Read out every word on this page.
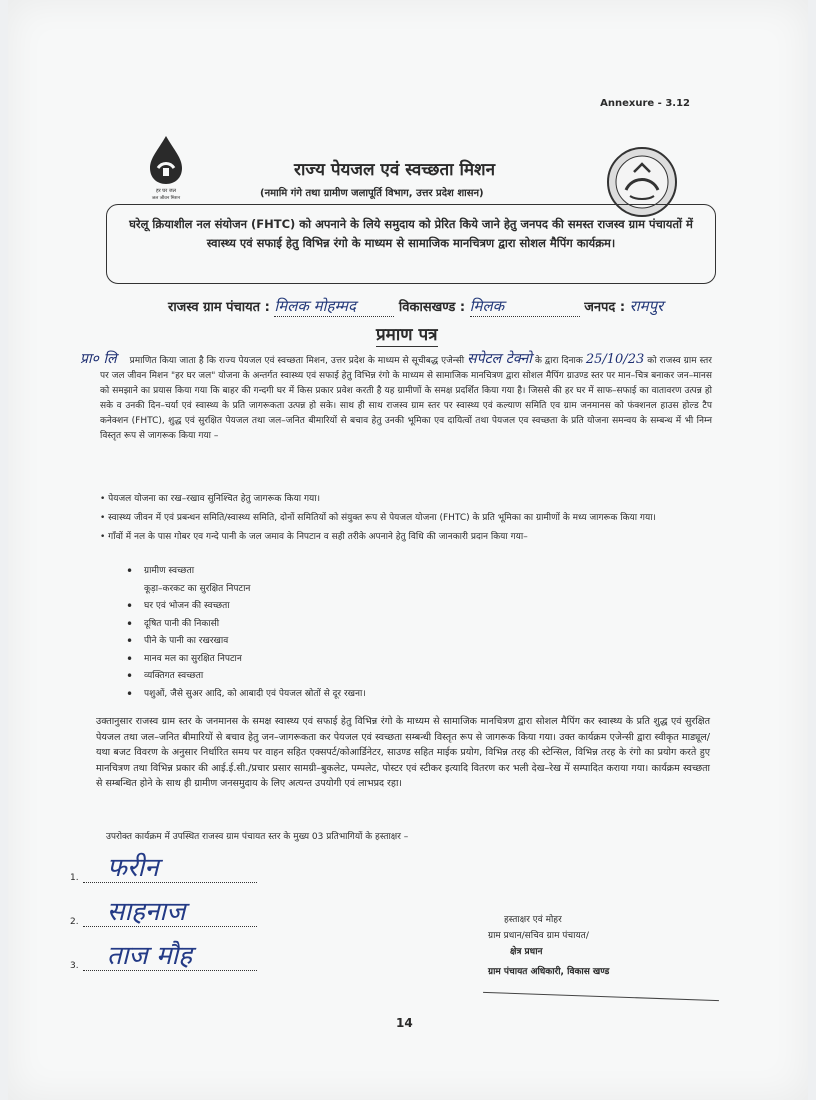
Annexure - 3.12
हर घर जल
जल जीवन मिशन
राज्य पेयजल एवं स्वच्छता मिशन
(नमामि गंगे तथा ग्रामीण जलापूर्ति विभाग, उत्तर प्रदेश शासन)
घरेलू क्रियाशील नल संयोजन (FHTC) को अपनाने के लिये समुदाय को प्रेरित किये जाने हेतु जनपद की समस्त राजस्व ग्राम पंचायतों में स्वास्थ्य एवं सफाई हेतु विभिन्न रंगो के माध्यम से सामाजिक मानचित्रण द्वारा सोशल मैपिंग कार्यक्रम।
राजस्व ग्राम पंचायत : मिलक मोहम्मद	विकासखण्ड : मिलक	जनपद : रामपुर
प्रमाण पत्र
प्रा० लि प्रमाणित किया जाता है कि राज्य पेयजल एवं स्वच्छता मिशन, उत्तर प्रदेश के माध्यम से सूचीबद्ध एजेन्सी सपेटल टेक्नो के द्वारा दिनाक 25/10/23 को राजस्व ग्राम स्तर पर जल जीवन मिशन "हर घर जल" योजना के अन्तर्गत स्वास्थ्य एवं सफाई हेतु विभिन्न रंगो के माध्यम से सामाजिक मानचित्रण द्वारा सोशल मैपिंग ग्राउण्ड स्तर पर मान–चित्र बनाकर जन–मानस को समझाने का प्रयास किया गया कि बाहर की गन्दगी घर में किस प्रकार प्रवेश करती है यह ग्रामीणों के समक्ष प्रदर्शित किया गया है। जिससे की हर घर में साफ–सफाई का वातावरण उत्पन्न हो सके व उनकी दिन–चर्या एवं स्वास्थ्य के प्रति जागरूकता उत्पन्न हो सके। साथ ही साथ राजस्व ग्राम स्तर पर स्वास्थ्य एवं कल्याण समिति एव ग्राम जनमानस को फंक्शनल हाउस होल्ड टैप कनेक्शन (FHTC), शुद्ध एवं सुरक्षित पेयजल तथा जल–जनित बीमारियों से बचाव हेतु उनकी भूमिका एव दायित्वों तथा पेयजल एव स्वच्छता के प्रति योजना समन्वय के सम्बन्ध में भी निम्न विस्तृत रूप से जागरूक किया गया –

• पेयजल योजना का रख–रखाव सुनिश्चित हेतु जागरूक किया गया।

• स्वास्थ्य जीवन में एवं प्रबन्धन समिति/स्वास्थ्य समिति, दोनों समितियों को संयुक्त रूप से पेयजल योजना (FHTC) के प्रति भूमिका का ग्रामीणों के मध्य जागरूक किया गया।

• गाँवों में नल के पास गोबर एव गन्दे पानी के जल जमाव के निपटान व सही तरीके अपनाने हेतु विधि की जानकारी प्रदान किया गया–

• ग्रामीण स्वच्छता
कूड़ा–करकट का सुरक्षित निपटान
• घर एवं भोजन की स्वच्छता
• दूषित पानी की निकासी
• पीने के पानी का रखरखाव
• मानव मल का सुरक्षित निपटान
• व्यक्तिगत स्वच्छता
• पशुओं, जैसे सुअर आदि, को आबादी एवं पेयजल स्रोतों से दूर रखना।
उक्तानुसार राजस्व ग्राम स्तर के जनमानस के समक्ष स्वास्थ्य एवं सफाई हेतु विभिन्न रंगो के माध्यम से सामाजिक मानचित्रण द्वारा सोशल मैपिंग कर स्वास्थ्य के प्रति शुद्ध एवं सुरक्षित पेयजल तथा जल–जनित बीमारियों से बचाव हेतु जन–जागरूकता कर पेयजल एवं स्वच्छता सम्बन्धी विस्तृत रूप से जागरूक किया गया। उक्त कार्यक्रम एजेन्सी द्वारा स्वीकृत माड्यूल/यथा बजट विवरण के अनुसार निर्धारित समय पर वाहन सहित एक्सपर्ट/कोआर्डिनेटर, साउण्ड सहित माईक प्रयोग, विभिन्न तरह की स्टेन्सिल, विभिन्न तरह के रंगो का प्रयोग करते हुए मानचित्रण तथा विभिन्न प्रकार की आई.ई.सी./प्रचार प्रसार सामग्री–बुकलेट, पम्पलेट, पोस्टर एवं स्टीकर इत्यादि वितरण कर भली देख–रेख में सम्पादित कराया गया। कार्यक्रम स्वच्छता से सम्बन्धित होने के साथ ही ग्रामीण जनसमुदाय के लिए अत्यन्त उपयोगी एवं लाभप्रद रहा।
उपरोक्त कार्यक्रम में उपस्थित राजस्व ग्राम पंचायत स्तर के मुख्य 03 प्रतिभागियों के हस्ताक्षर –
1. फरीन
2. साहनाज
3. ताज मौह
हस्ताक्षर एवं मोहर
ग्राम प्रधान/सचिव ग्राम पंचायत/
क्षेत्र प्रधान
ग्राम पंचायत अधिकारी, विकास खण्ड
14
